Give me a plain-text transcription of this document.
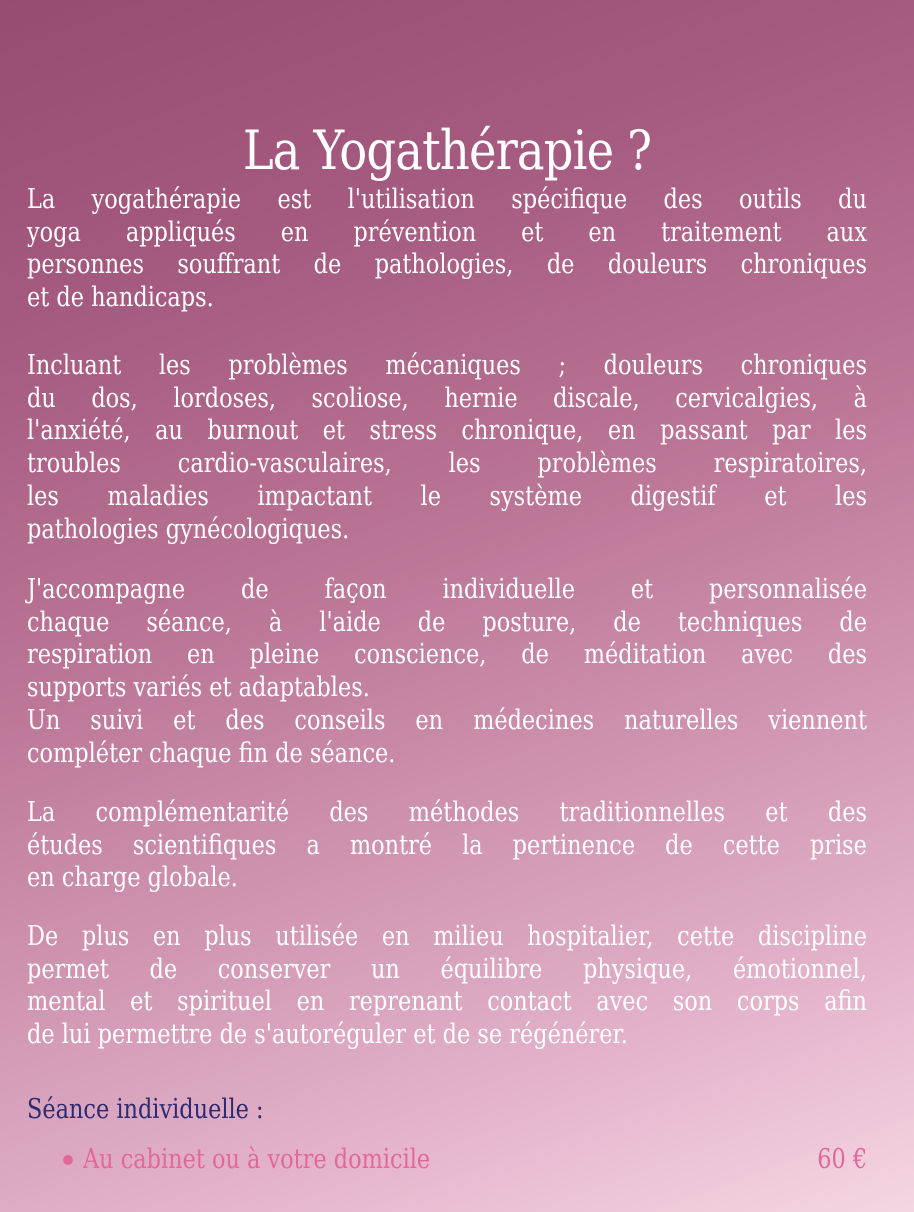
La Yogathérapie ?

La yogathérapie est l'utilisation spécifique des outils du
yoga appliqués en prévention et en traitement aux
personnes souffrant de pathologies, de douleurs chroniques
et de handicaps.

Incluant les problèmes mécaniques ; douleurs chroniques
du dos, lordoses, scoliose, hernie discale, cervicalgies, à
l'anxiété, au burnout et stress chronique, en passant par les
troubles cardio-vasculaires, les problèmes respiratoires,
les maladies impactant le système digestif et les
pathologies gynécologiques.

J'accompagne de façon individuelle et personnalisée
chaque séance, à l'aide de posture, de techniques de
respiration en pleine conscience, de méditation avec des
supports variés et adaptables.
Un suivi et des conseils en médecines naturelles viennent
compléter chaque fin de séance.

La complémentarité des méthodes traditionnelles et des
études scientifiques a montré la pertinence de cette prise
en charge globale.

De plus en plus utilisée en milieu hospitalier, cette discipline
permet de conserver un équilibre physique, émotionnel,
mental et spirituel en reprenant contact avec son corps afin
de lui permettre de s'autoréguler et de se régénérer.

Séance individuelle :
Au cabinet ou à votre domicile	60 €
